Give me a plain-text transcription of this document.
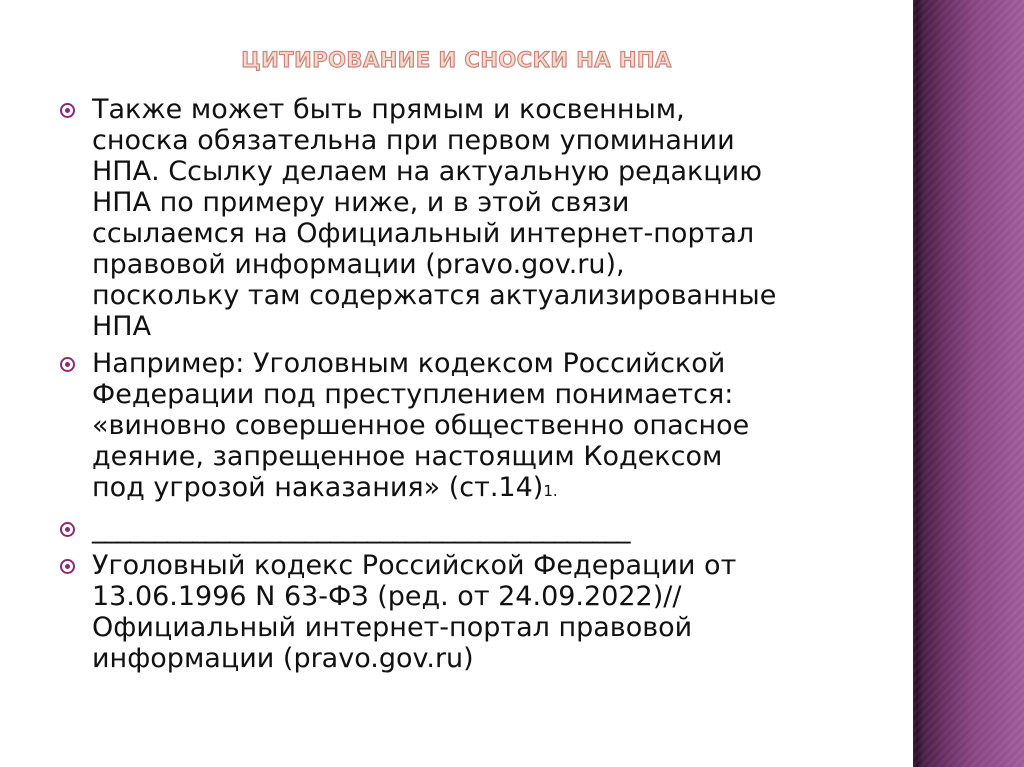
ЦИТИРОВАНИЕ И СНОСКИ НА НПА
Также может быть прямым и косвенным,
сноска обязательна при первом упоминании
НПА. Ссылку делаем на актуальную редакцию
НПА по примеру ниже, и в этой связи
ссылаемся на Официальный интернет-портал
правовой информации (pravo.gov.ru),
поскольку там содержатся актуализированные
НПА
Например: Уголовным кодексом Российской
Федерации под преступлением понимается:
«виновно совершенное общественно опасное
деяние, запрещенное настоящим Кодексом
под угрозой наказания» (ст.14)1.
___________________________________________
Уголовный кодекс Российской Федерации от
13.06.1996 N 63-ФЗ (ред. от 24.09.2022)//
Официальный интернет-портал правовой
информации (pravo.gov.ru)
